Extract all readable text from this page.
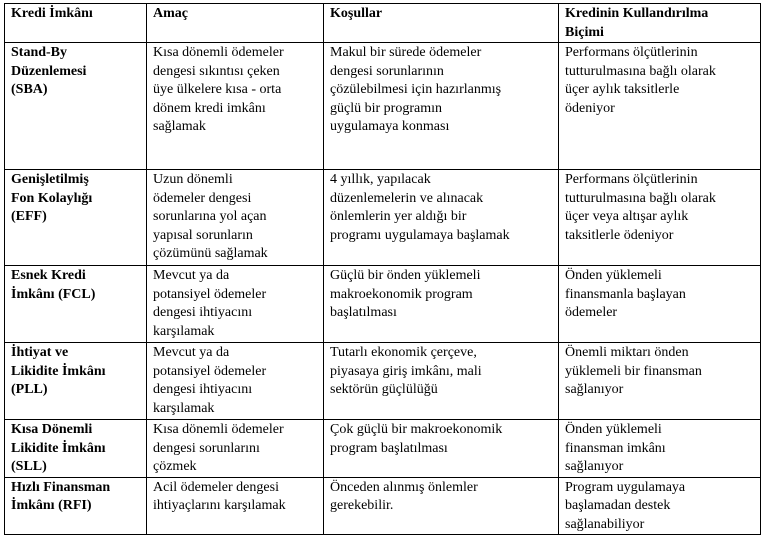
Kredi İmkânı	Amaç	Koşullar	Kredinin Kullandırılma
Biçimi

Stand-By
Düzenlemesi
(SBA)	Kısa dönemli ödemeler
dengesi sıkıntısı çeken
üye ülkelere kısa - orta
dönem kredi imkânı
sağlamak	Makul bir sürede ödemeler
dengesi sorunlarının
çözülebilmesi için hazırlanmış
güçlü bir programın
uygulamaya konması	Performans ölçütlerinin
tutturulmasına bağlı olarak
üçer aylık taksitlerle
ödeniyor

Genişletilmiş
Fon Kolaylığı
(EFF)	Uzun dönemli
ödemeler dengesi
sorunlarına yol açan
yapısal sorunların
çözümünü sağlamak	4 yıllık, yapılacak
düzenlemelerin ve alınacak
önlemlerin yer aldığı bir
programı uygulamaya başlamak	Performans ölçütlerinin
tutturulmasına bağlı olarak
üçer veya altışar aylık
taksitlerle ödeniyor

Esnek Kredi
İmkânı (FCL)	Mevcut ya da
potansiyel ödemeler
dengesi ihtiyacını
karşılamak	Güçlü bir önden yüklemeli
makroekonomik program
başlatılması	Önden yüklemeli
finansmanla başlayan
ödemeler

İhtiyat ve
Likidite İmkânı
(PLL)	Mevcut ya da
potansiyel ödemeler
dengesi ihtiyacını
karşılamak	Tutarlı ekonomik çerçeve,
piyasaya giriş imkânı, mali
sektörün güçlülüğü	Önemli miktarı önden
yüklemeli bir finansman
sağlanıyor

Kısa Dönemli
Likidite İmkânı
(SLL)	Kısa dönemli ödemeler
dengesi sorunlarını
çözmek	Çok güçlü bir makroekonomik
program başlatılması	Önden yüklemeli
finansman imkânı
sağlanıyor

Hızlı Finansman
İmkânı (RFI)	Acil ödemeler dengesi
ihtiyaçlarını karşılamak	Önceden alınmış önlemler
gerekebilir.	Program uygulamaya
başlamadan destek
sağlanabiliyor
